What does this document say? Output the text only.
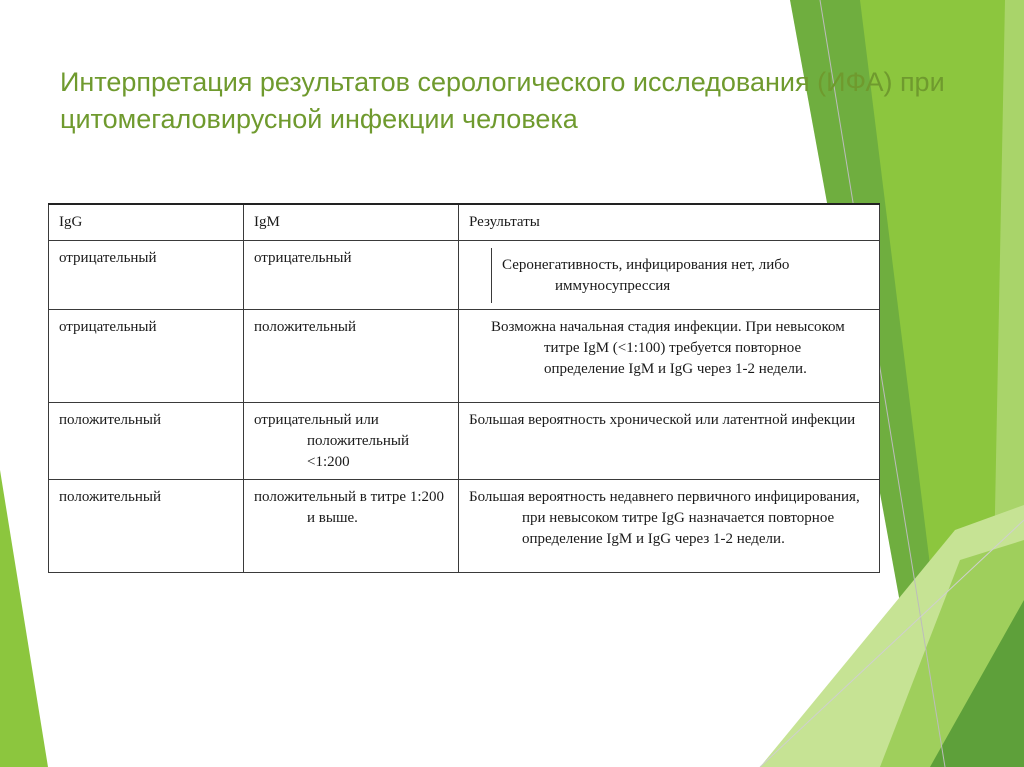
Интерпретация результатов серологического исследования (ИФА) при цитомегаловирусной инфекции человека
IgG	IgM	Результаты
отрицательный	отрицательный	Серонегативность, инфицирования нет, либо иммуносупрессия

отрицательный	положительный	Возможна начальная стадия инфекции. При невысоком титре IgM (<1:100) требуется повторное определение IgM и IgG через 1-2 недели.

положительный	отрицательный или положительный <1:200	Большая вероятность хронической или латентной инфекции

положительный	положительный в титре 1:200 и выше.	Большая вероятность недавнего первичного инфицирования, при невысоком титре IgG назначается повторное определение IgM и IgG через 1-2 недели.
